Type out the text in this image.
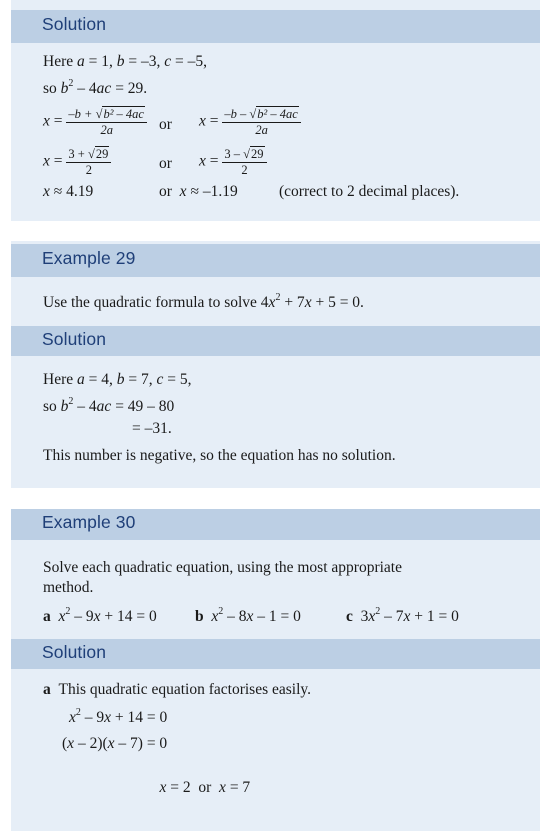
Solution
Here a = 1, b = –3, c = –5,
so $b^2 - 4ac = 29$.
$x = \frac{\text{–b + √b² – 4ac}}{2a}$ or $x = \frac{\text{–b – √b² – 4ac}}{2a}$
$x = \frac{3 + √29}{2}$	or $x = \frac{3 - √29}{2}$
x ≈ 4.19	or x ≈ –1.19	(correct to 2 decimal places).
Example 29
Use the quadratic formula to solve $4x^2 + 7x + 5 = 0$.
Solution
Here a = 4, b = 7, c = 5,
so $b^2 - 4ac = 49 - 80$
= –31.
This number is negative, so the equation has no solution.
Example 30
Solve each quadratic equation, using the most appropriate
method.
a $x^2 - 9x + 14 = 0$ b $x^2 - 8x - 1 = 0$	c $3x^2 - 7x + 1 = 0$
Solution
a This quadratic equation factorises easily.
$x^2 - 9x + 14 = 0$
(x – 2)(x – 7) = 0

x = 2  or  x = 7
